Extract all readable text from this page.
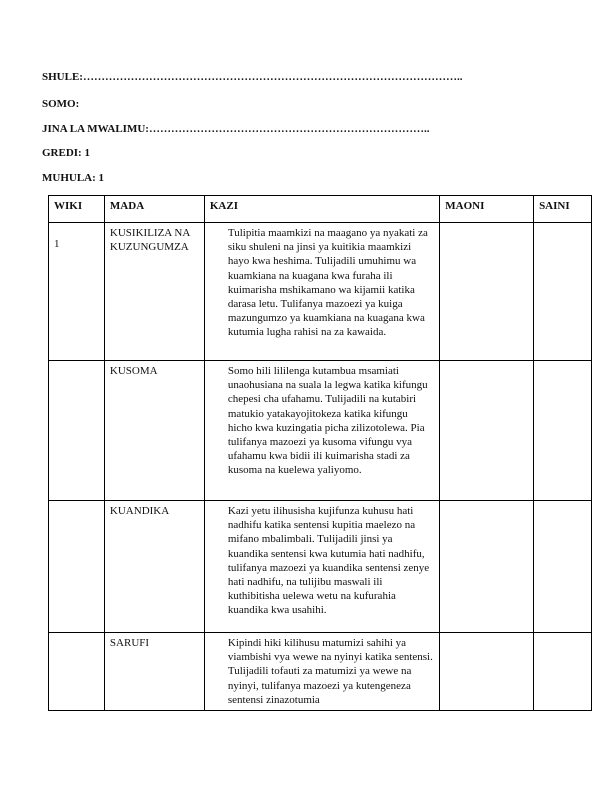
SHULE:…………………………………………………………………………………………..
SOMO:
JINA LA MWALIMU:…………………………………………………………………..
GREDI: 1
MUHULA: 1
WIKI	MADA	KAZI	MAONI	SAINI
1	KUSIKILIZA NA KUZUNGUMZA	Tulipitia maamkizi na maagano ya nyakati za siku shuleni na jinsi ya kuitikia maamkizi hayo kwa heshima. Tulijadili umuhimu wa kuamkiana na kuagana kwa furaha ili kuimarisha mshikamano wa kijamii katika darasa letu. Tulifanya mazoezi ya kuiga mazungumzo ya kuamkiana na kuagana kwa kutumia lugha rahisi na za kawaida.		
	KUSOMA	Somo hili lililenga kutambua msamiati unaohusiana na suala la legwa katika kifungu chepesi cha ufahamu. Tulijadili na kutabiri matukio yatakayojitokeza katika kifungu hicho kwa kuzingatia picha zilizotolewa. Pia tulifanya mazoezi ya kusoma vifungu vya ufahamu kwa bidii ili kuimarisha stadi za kusoma na kuelewa yaliyomo.		
	KUANDIKA	Kazi yetu ilihusisha kujifunza kuhusu hati nadhifu katika sentensi kupitia maelezo na mifano mbalimbali. Tulijadili jinsi ya kuandika sentensi kwa kutumia hati nadhifu, tulifanya mazoezi ya kuandika sentensi zenye hati nadhifu, na tulijibu maswali ili kuthibitisha uelewa wetu na kufurahia kuandika kwa usahihi.		
	SARUFI	Kipindi hiki kilihusu matumizi sahihi ya viambishi vya wewe na nyinyi katika sentensi. Tulijadili tofauti za matumizi ya wewe na nyinyi, tulifanya mazoezi ya kutengeneza sentensi zinazotumia		
